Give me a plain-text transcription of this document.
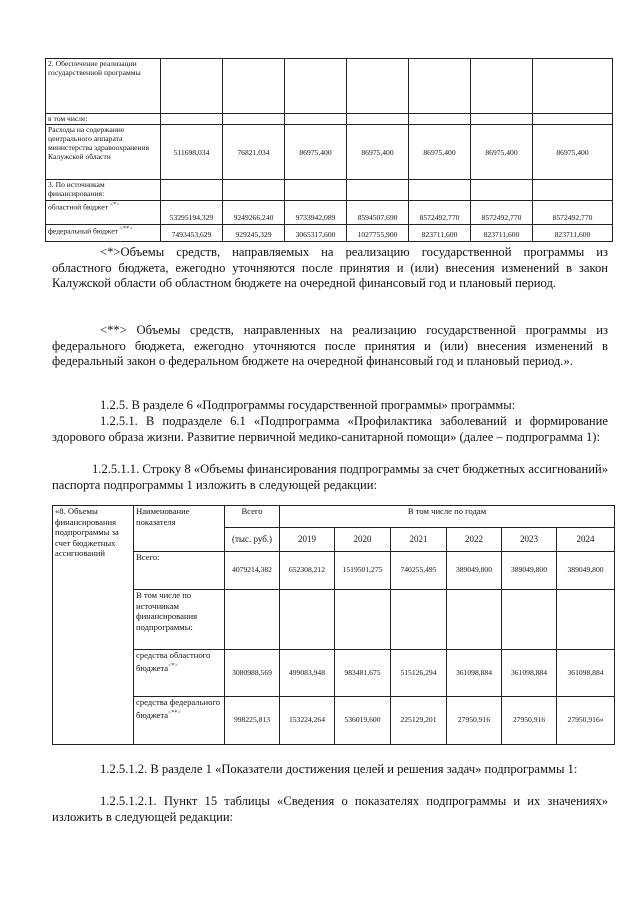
2. Обеспечение реализации государственной программы							
в том числе:							
Расходы на содержание центрального аппарата министерства здравоохранения Калужской области	511698,034	76821,034	86975,400	86975,400	86975,400	86975,400	86975,400
3. По источникам финансирования:							
областной бюджет <*>	53295194,329	9249266,240	9733942,089	8594507,690	8572492,770	8572492,770	8572492,770
федеральный бюджет <**>	7493453,629	929245,329	3065317,600	1027755,900	823711,600	823711,600	823711,600
<*>Объемы средств, направляемых на реализацию государственной программы из областного бюджета, ежегодно уточняются после принятия и (или) внесения изменений в закон Калужской области об областном бюджете на очередной финансовый год и плановый период.
<**> Объемы средств, направленных на реализацию государственной программы из федерального бюджета, ежегодно уточняются после принятия и (или) внесения изменений в федеральный закон о федеральном бюджете на очередной финансовый год и плановый период.».
1.2.5. В разделе 6 «Подпрограммы государственной программы» программы:
1.2.5.1. В подразделе 6.1 «Подпрограмма «Профилактика заболеваний и формирование здорового образа жизни. Развитие первичной медико-санитарной помощи» (далее – подпрограмма 1):
1.2.5.1.1. Строку 8 «Объемы финансирования подпрограммы за счет бюджетных ассигнований» паспорта подпрограммы 1 изложить в следующей редакции:
«8. Объемы финансирования подпрограммы за счет бюджетных ассигнований	Наименование показателя	Всего	В том числе по годам					
		(тыс. руб.)	2019	2020	2021	2022	2023	2024
	Всего:	4079214,382	652308,212	1519501,275	740255,495	389049,800	389049,800	389049,800
	В том числе по источникам финансирования подпрограммы:							
	средства областного бюджета<*>	3080988,569	499083,948	983481,675	515126,294	361098,884	361098,884	361098,884
	средства федерального бюджета<**>	998225,813	153224,264	536019,600	225129,201	27950,916	27950,916	27950,916»
1.2.5.1.2. В разделе 1 «Показатели достижения целей и решения задач» подпрограммы 1:
1.2.5.1.2.1. Пункт 15 таблицы «Сведения о показателях подпрограммы и их значениях» изложить в следующей редакции:
